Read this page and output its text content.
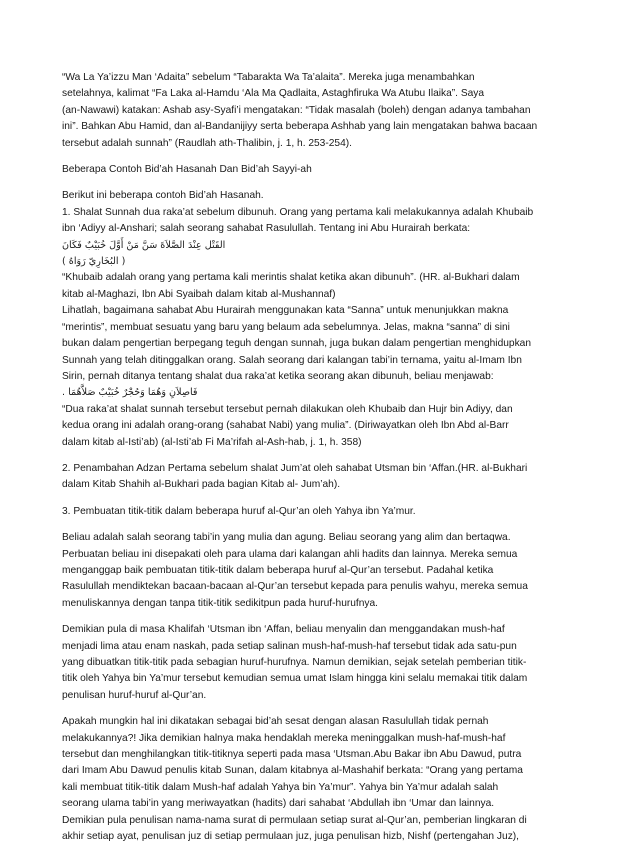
“Wa La Ya’izzu Man ‘Adaita” sebelum “Tabarakta Wa Ta’alaita”. Mereka juga menambahkan
setelahnya, kalimat “Fa Laka al-Hamdu ‘Ala Ma Qadlaita, Astaghfiruka Wa Atubu Ilaika”. Saya
(an-Nawawi) katakan: Ashab asy-Syafi’i mengatakan: “Tidak masalah (boleh) dengan adanya tambahan
ini”. Bahkan Abu Hamid, dan al-Bandanijiyy serta beberapa Ashhab yang lain mengatakan bahwa bacaan
tersebut adalah sunnah” (Raudlah ath-Thalibin, j. 1, h. 253-254).

Beberapa Contoh Bid’ah Hasanah Dan Bid’ah Sayyi-ah

Berikut ini beberapa contoh Bid’ah Hasanah.
1. Shalat Sunnah dua raka’at sebelum dibunuh. Orang yang pertama kali melakukannya adalah Khubaib
ibn ‘Adiyy al-Anshari; salah seorang sahabat Rasulullah. Tentang ini Abu Hurairah berkata:

القَتْل عِنْدَ الصَّلاَةَ سَنَّ مَنْ أَوَّلَ خُبَيْبٌ فَكَانَ
( البُخَارِيّ رَوَاهُ )

“Khubaib adalah orang yang pertama kali merintis shalat ketika akan dibunuh”. (HR. al-Bukhari dalam
kitab al-Maghazi, Ibn Abi Syaibah dalam kitab al-Mushannaf)
Lihatlah, bagaimana sahabat Abu Hurairah menggunakan kata “Sanna” untuk menunjukkan makna
“merintis”, membuat sesuatu yang baru yang belaum ada sebelumnya. Jelas, makna “sanna” di sini
bukan dalam pengertian berpegang teguh dengan sunnah, juga bukan dalam pengertian menghidupkan
Sunnah yang telah ditinggalkan orang. Salah seorang dari kalangan tabi’in ternama, yaitu al-Imam Ibn
Sirin, pernah ditanya tentang shalat dua raka’at ketika seorang akan dibunuh, beliau menjawab:

فَاصِلاَنِ وَهُمَا وَحُجْرٌ خُبَيْبٌ صَلاَّهُمَا .

“Dua raka’at shalat sunnah tersebut tersebut pernah dilakukan oleh Khubaib dan Hujr bin Adiyy, dan
kedua orang ini adalah orang-orang (sahabat Nabi) yang mulia”. (Diriwayatkan oleh Ibn Abd al-Barr
dalam kitab al-Isti’ab) (al-Isti’ab Fi Ma’rifah al-Ash-hab, j. 1, h. 358)

2. Penambahan Adzan Pertama sebelum shalat Jum’at oleh sahabat Utsman bin ‘Affan.(HR. al-Bukhari
dalam Kitab Shahih al-Bukhari pada bagian Kitab al- Jum’ah).

3. Pembuatan titik-titik dalam beberapa huruf al-Qur’an oleh Yahya ibn Ya’mur.

Beliau adalah salah seorang tabi’in yang mulia dan agung. Beliau seorang yang alim dan bertaqwa.
Perbuatan beliau ini disepakati oleh para ulama dari kalangan ahli hadits dan lainnya. Mereka semua
menganggap baik pembuatan titik-titik dalam beberapa huruf al-Qur’an tersebut. Padahal ketika
Rasulullah mendiktekan bacaan-bacaan al-Qur’an tersebut kepada para penulis wahyu, mereka semua
menuliskannya dengan tanpa titik-titik sedikitpun pada huruf-hurufnya.

Demikian pula di masa Khalifah ‘Utsman ibn ‘Affan, beliau menyalin dan menggandakan mush-haf
menjadi lima atau enam naskah, pada setiap salinan mush-haf-mush-haf tersebut tidak ada satu-pun
yang dibuatkan titik-titik pada sebagian huruf-hurufnya. Namun demikian, sejak setelah pemberian titik-
titik oleh Yahya bin Ya’mur tersebut kemudian semua umat Islam hingga kini selalu memakai titik dalam
penulisan huruf-huruf al-Qur’an.

Apakah mungkin hal ini dikatakan sebagai bid’ah sesat dengan alasan Rasulullah tidak pernah
melakukannya?! Jika demikian halnya maka hendaklah mereka meninggalkan mush-haf-mush-haf
tersebut dan menghilangkan titik-titiknya seperti pada masa ‘Utsman.Abu Bakar ibn Abu Dawud, putra
dari Imam Abu Dawud penulis kitab Sunan, dalam kitabnya al-Mashahif berkata: “Orang yang pertama
kali membuat titik-titik dalam Mush-haf adalah Yahya bin Ya’mur”. Yahya bin Ya’mur adalah salah
seorang ulama tabi’in yang meriwayatkan (hadits) dari sahabat ‘Abdullah ibn ‘Umar dan lainnya.
Demikian pula penulisan nama-nama surat di permulaan setiap surat al-Qur’an, pemberian lingkaran di
akhir setiap ayat, penulisan juz di setiap permulaan juz, juga penulisan hizb, Nishf (pertengahan Juz),
